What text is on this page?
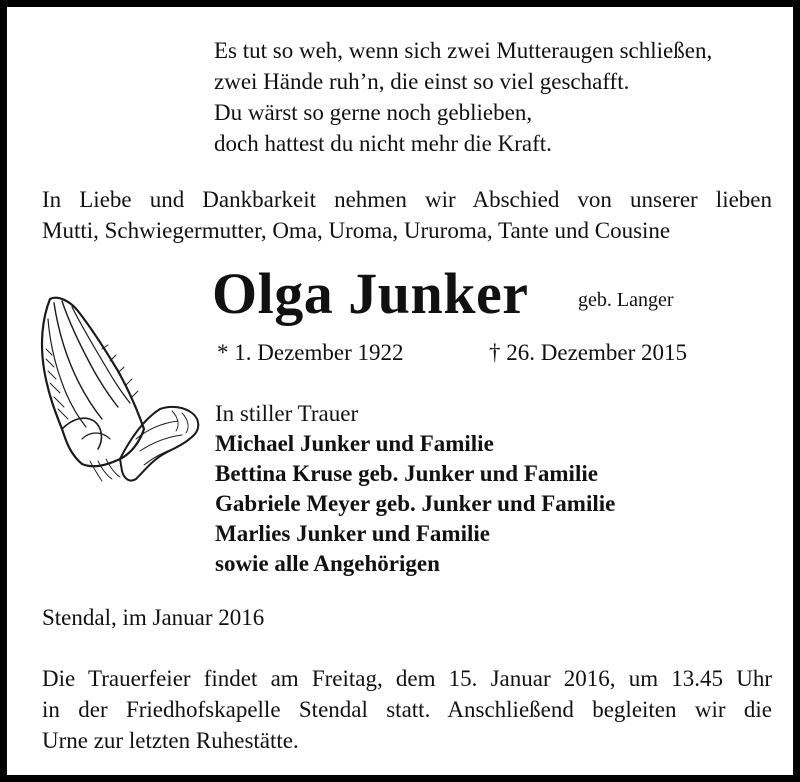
Es tut so weh, wenn sich zwei Mutteraugen schließen,
zwei Hände ruh’n, die einst so viel geschafft.
Du wärst so gerne noch geblieben,
doch hattest du nicht mehr die Kraft.
In Liebe und Dankbarkeit nehmen wir Abschied von unserer lieben
Mutti, Schwiegermutter, Oma, Uroma, Ururoma, Tante und Cousine
Olga Junker geb. Langer
* 1. Dezember 1922	† 26. Dezember 2015
In stiller Trauer
Michael Junker und Familie
Bettina Kruse geb. Junker und Familie
Gabriele Meyer geb. Junker und Familie
Marlies Junker und Familie
sowie alle Angehörigen
Stendal, im Januar 2016
Die Trauerfeier findet am Freitag, dem 15. Januar 2016, um 13.45 Uhr
in der Friedhofskapelle Stendal statt. Anschließend begleiten wir die
Urne zur letzten Ruhestätte.
